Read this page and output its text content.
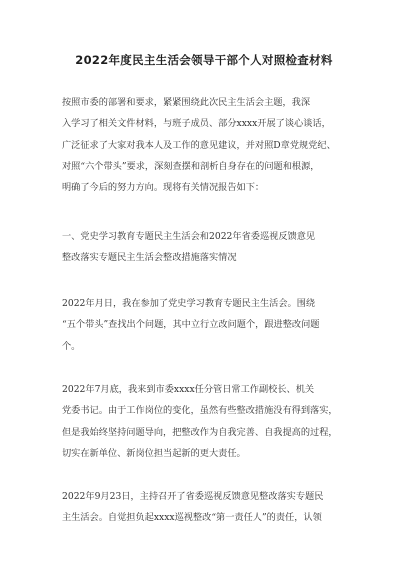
2022年度民主生活会领导干部个人对照检查材料

按照市委的部署和要求，紧紧围绕此次民主生活会主题，我深
入学习了相关文件材料，与班子成员、部分xxxx开展了谈心谈话，
广泛征求了大家对我本人及工作的意见建议，并对照D章党规党纪、
对照“六个带头”要求，深刻查摆和剖析自身存在的问题和根源，
明确了今后的努力方向。现将有关情况报告如下：

一、党史学习教育专题民主生活会和2022年省委巡视反馈意见
整改落实专题民主生活会整改措施落实情况

2022年月日，我在参加了党史学习教育专题民主生活会。围绕
“五个带头”查找出个问题，其中立行立改问题个，跟进整改问题
个。

2022年7月底，我来到市委xxxx任分管日常工作副校长、机关
党委书记。由于工作岗位的变化，虽然有些整改措施没有得到落实，
但是我始终坚持问题导向，把整改作为自我完善、自我提高的过程，
切实在新单位、新岗位担当起新的更大责任。

2022年9月23日，主持召开了省委巡视反馈意见整改落实专题民
主生活会。自觉担负起xxxx巡视整改“第一责任人”的责任，认领
